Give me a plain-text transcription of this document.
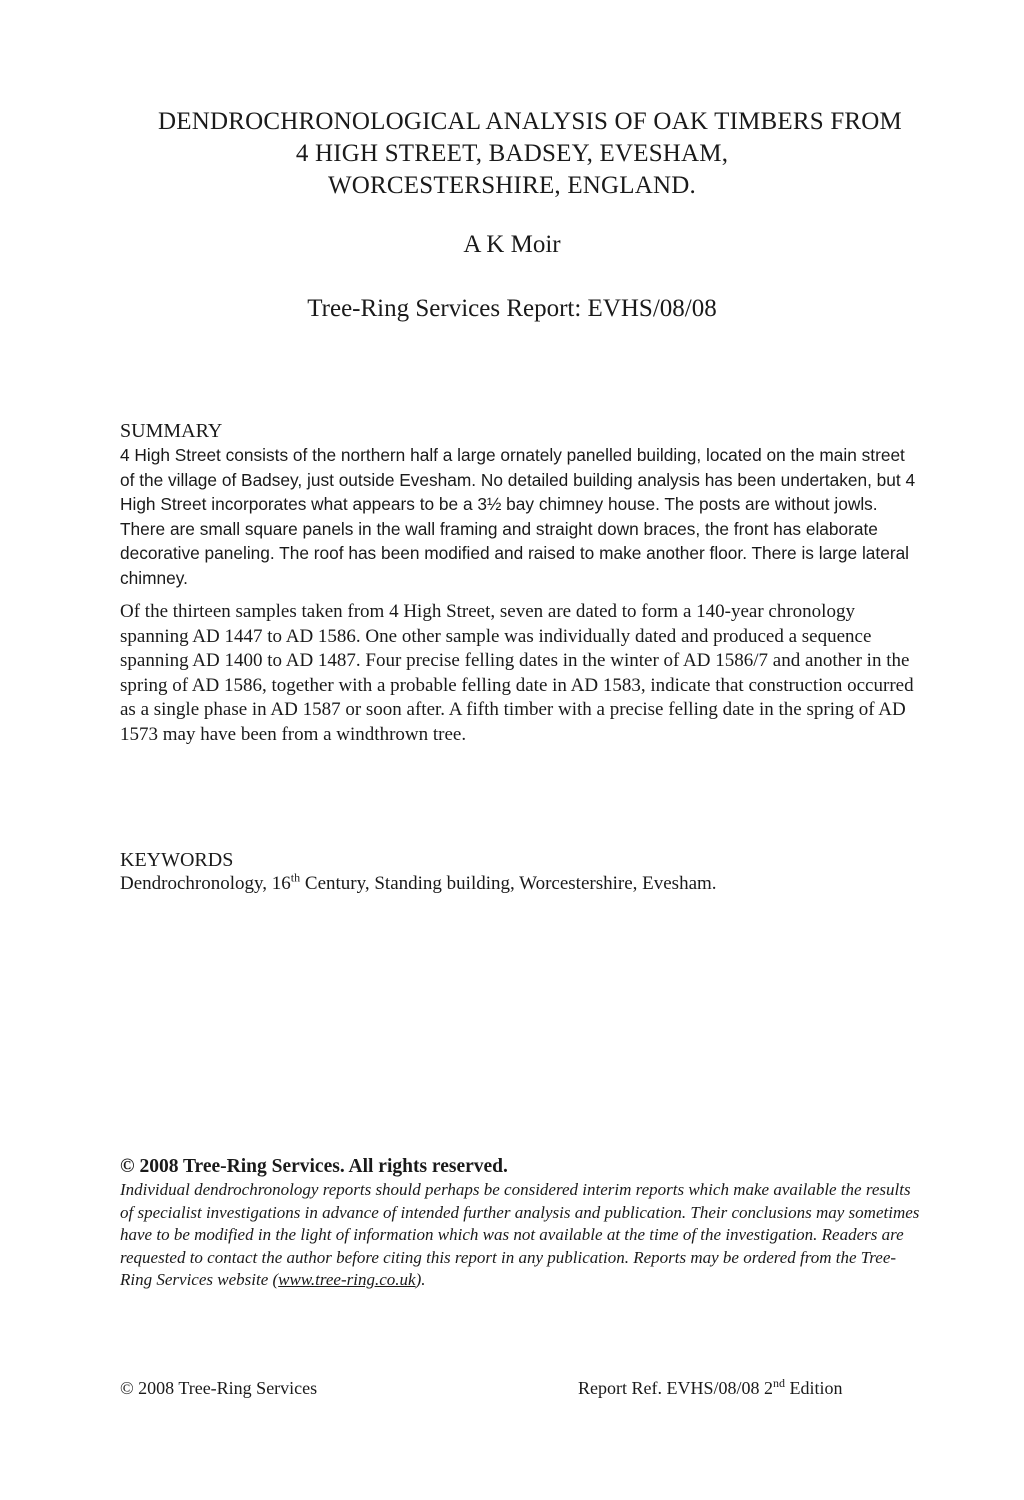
DENDROCHRONOLOGICAL ANALYSIS OF OAK TIMBERS FROM
4 HIGH STREET, BADSEY, EVESHAM,
WORCESTERSHIRE, ENGLAND.
A K Moir
Tree-Ring Services Report: EVHS/08/08
SUMMARY

4 High Street consists of the northern half a large ornately panelled building, located on the main street of the village of Badsey, just outside Evesham. No detailed building analysis has been undertaken, but 4 High Street incorporates what appears to be a 3½ bay chimney house. The posts are without jowls. There are small square panels in the wall framing and straight down braces, the front has elaborate decorative paneling. The roof has been modified and raised to make another floor. There is large lateral chimney.

Of the thirteen samples taken from 4 High Street, seven are dated to form a 140-year chronology spanning AD 1447 to AD 1586. One other sample was individually dated and produced a sequence spanning AD 1400 to AD 1487. Four precise felling dates in the winter of AD 1586/7 and another in the spring of AD 1586, together with a probable felling date in AD 1583, indicate that construction occurred as a single phase in AD 1587 or soon after. A fifth timber with a precise felling date in the spring of AD 1573 may have been from a windthrown tree.

KEYWORDS

Dendrochronology, 16th Century, Standing building, Worcestershire, Evesham.

© 2008 Tree-Ring Services. All rights reserved.

Individual dendrochronology reports should perhaps be considered interim reports which make available the results of specialist investigations in advance of intended further analysis and publication. Their conclusions may sometimes have to be modified in the light of information which was not available at the time of the investigation. Readers are requested to contact the author before citing this report in any publication. Reports may be ordered from the Tree-Ring Services website (www.tree-ring.co.uk).

© 2008 Tree-Ring Services	Report Ref. EVHS/08/08 2nd Edition
